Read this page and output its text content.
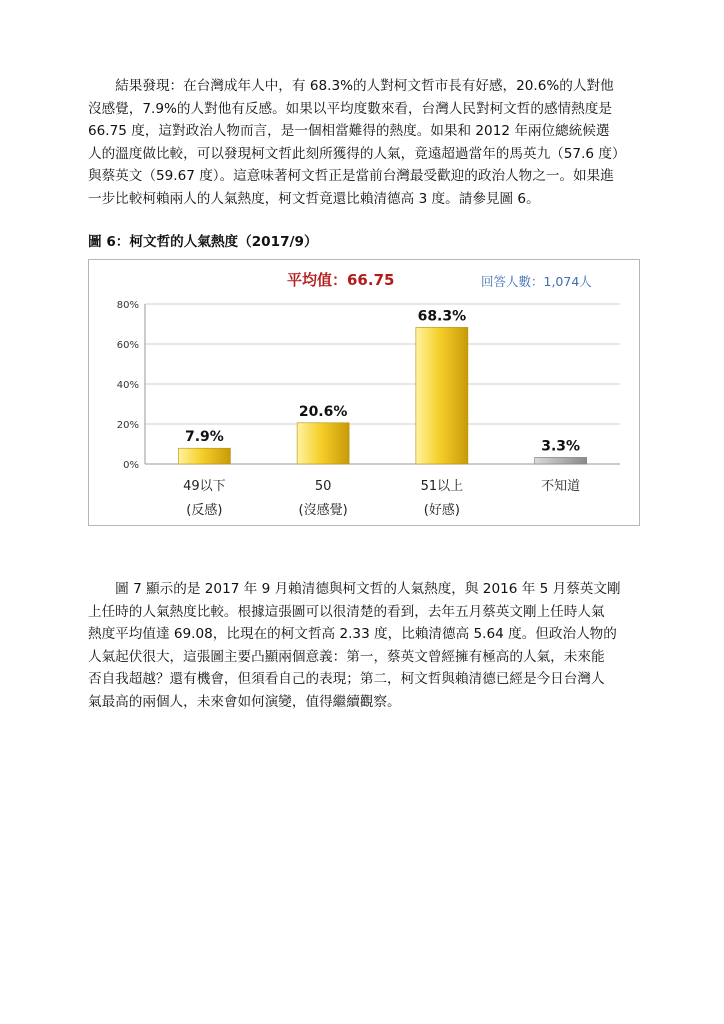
　　結果發現：在台灣成年人中，有 68.3%的人對柯文哲市長有好感，20.6%的人對他
沒感覺，7.9%的人對他有反感。如果以平均度數來看，台灣人民對柯文哲的感情熱度是
66.75 度，這對政治人物而言，是一個相當難得的熱度。如果和 2012 年兩位總統候選
人的溫度做比較，可以發現柯文哲此刻所獲得的人氣，竟遠超過當年的馬英九（57.6 度）
與蔡英文（59.67 度）。這意味著柯文哲正是當前台灣最受歡迎的政治人物之一。如果進
一步比較柯賴兩人的人氣熱度，柯文哲竟還比賴清德高 3 度。請參見圖 6。

圖 6：柯文哲的人氣熱度（2017/9）

平均值：66.75	回答人數：1,074人
0%
20%
40%
60%
80%
7.9%
49以下
(反感)
20.6%
50
(沒感覺)
68.3%
51以上
(好感)
3.3%
不知道
　　圖 7 顯示的是 2017 年 9 月賴清德與柯文哲的人氣熱度，與 2016 年 5 月蔡英文剛
上任時的人氣熱度比較。根據這張圖可以很清楚的看到，去年五月蔡英文剛上任時人氣
熱度平均值達 69.08，比現在的柯文哲高 2.33 度，比賴清德高 5.64 度。但政治人物的
人氣起伏很大，這張圖主要凸顯兩個意義：第一，蔡英文曾經擁有極高的人氣，未來能
否自我超越？還有機會，但須看自己的表現；第二，柯文哲與賴清德已經是今日台灣人
氣最高的兩個人，未來會如何演變，值得繼續觀察。
